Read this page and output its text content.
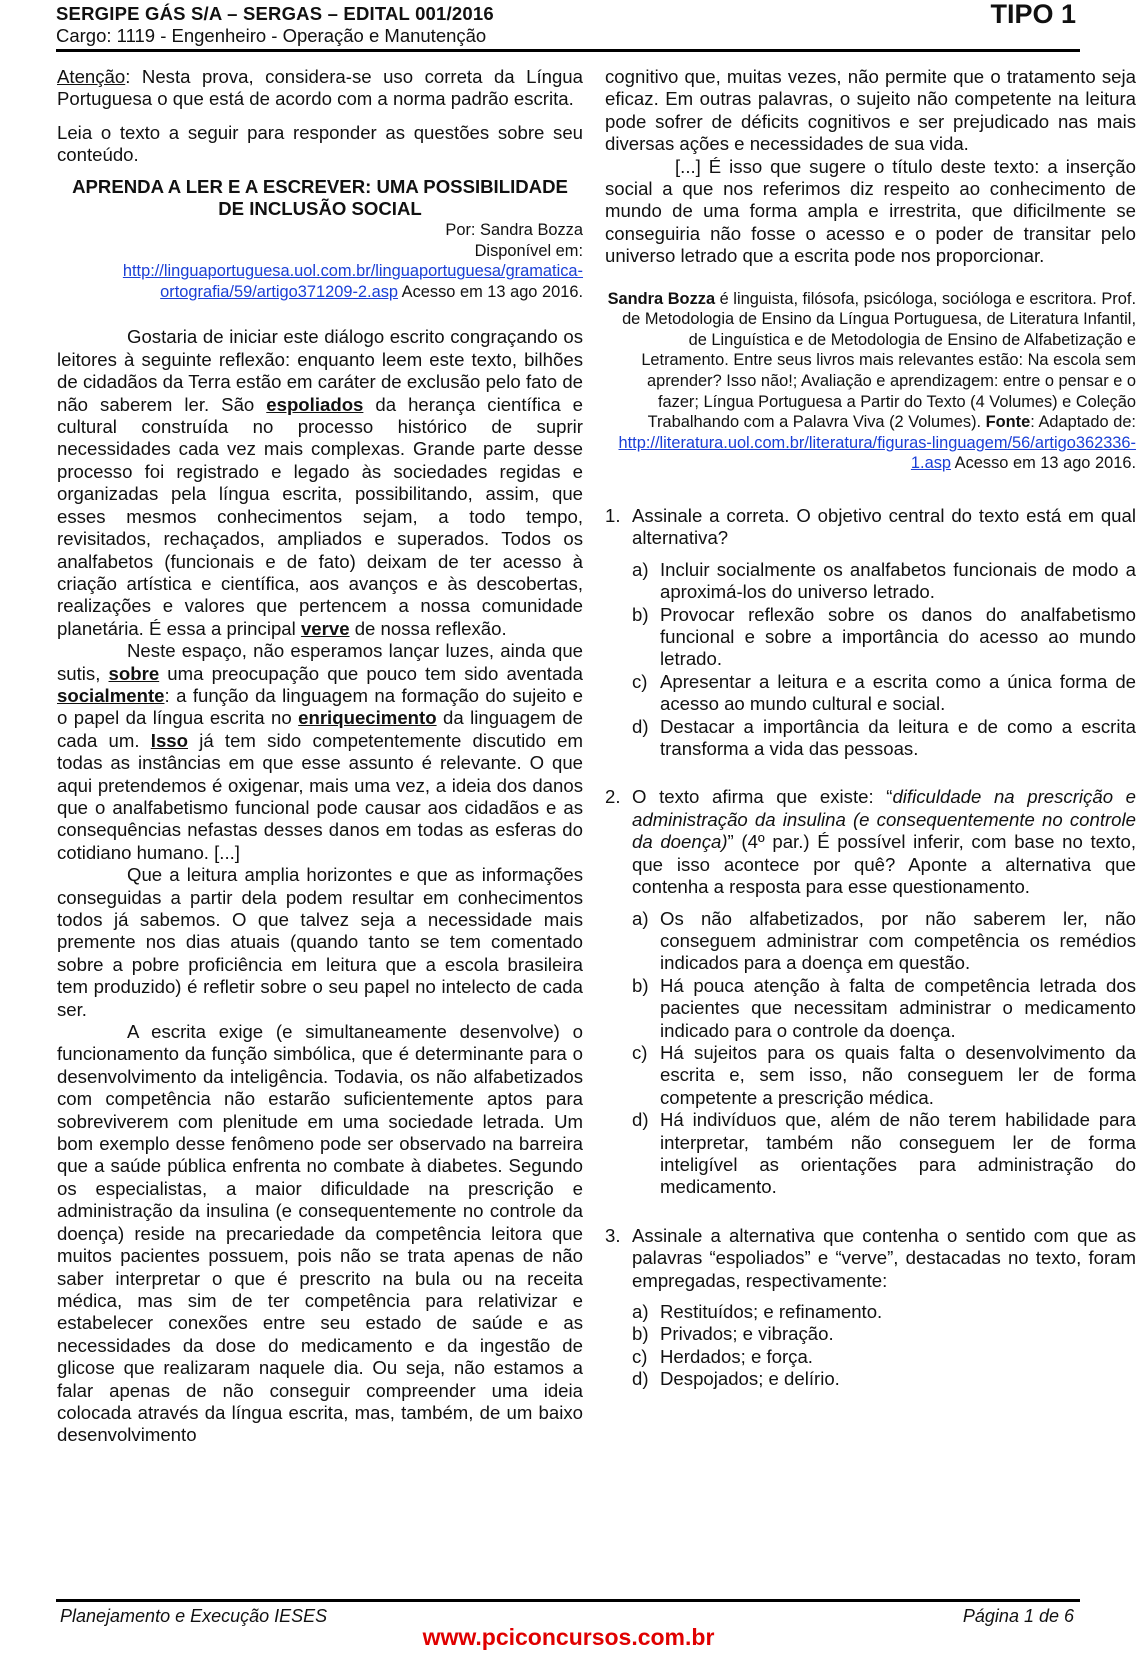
SERGIPE GÁS S/A – SERGAS – EDITAL 001/2016
Cargo: 1119 - Engenheiro - Operação e Manutenção
TIPO 1

Atenção: Nesta prova, considera-se uso correta da Língua Portuguesa o que está de acordo com a norma padrão escrita.

Leia o texto a seguir para responder as questões sobre seu conteúdo.

APRENDA A LER E A ESCREVER: UMA POSSIBILIDADE DE INCLUSÃO SOCIAL

Por: Sandra Bozza

Disponível em:

http://linguaportuguesa.uol.com.br/linguaportuguesa/gramatica-ortografia/59/artigo371209-2.asp Acesso em 13 ago 2016.

Gostaria de iniciar este diálogo escrito congraçando os leitores à seguinte reflexão: enquanto leem este texto, bilhões de cidadãos da Terra estão em caráter de exclusão pelo fato de não saberem ler. São espoliados da herança científica e cultural construída no processo histórico de suprir necessidades cada vez mais complexas. Grande parte desse processo foi registrado e legado às sociedades regidas e organizadas pela língua escrita, possibilitando, assim, que esses mesmos conhecimentos sejam, a todo tempo, revisitados, rechaçados, ampliados e superados. Todos os analfabetos (funcionais e de fato) deixam de ter acesso à criação artística e científica, aos avanços e às descobertas, realizações e valores que pertencem a nossa comunidade planetária. É essa a principal verve de nossa reflexão.

Neste espaço, não esperamos lançar luzes, ainda que sutis, sobre uma preocupação que pouco tem sido aventada socialmente: a função da linguagem na formação do sujeito e o papel da língua escrita no enriquecimento da linguagem de cada um. Isso já tem sido competentemente discutido em todas as instâncias em que esse assunto é relevante. O que aqui pretendemos é oxigenar, mais uma vez, a ideia dos danos que o analfabetismo funcional pode causar aos cidadãos e as consequências nefastas desses danos em todas as esferas do cotidiano humano. [...]

Que a leitura amplia horizontes e que as informações conseguidas a partir dela podem resultar em conhecimentos todos já sabemos. O que talvez seja a necessidade mais premente nos dias atuais (quando tanto se tem comentado sobre a pobre proficiência em leitura que a escola brasileira tem produzido) é refletir sobre o seu papel no intelecto de cada ser.

A escrita exige (e simultaneamente desenvolve) o funcionamento da função simbólica, que é determinante para o desenvolvimento da inteligência. Todavia, os não alfabetizados com competência não estarão suficientemente aptos para sobreviverem com plenitude em uma sociedade letrada. Um bom exemplo desse fenômeno pode ser observado na barreira que a saúde pública enfrenta no combate à diabetes. Segundo os especialistas, a maior dificuldade na prescrição e administração da insulina (e consequentemente no controle da doença) reside na precariedade da competência leitora que muitos pacientes possuem, pois não se trata apenas de não saber interpretar o que é prescrito na bula ou na receita médica, mas sim de ter competência para relativizar e estabelecer conexões entre seu estado de saúde e as necessidades da dose do medicamento e da ingestão de glicose que realizaram naquele dia. Ou seja, não estamos a falar apenas de não conseguir compreender uma ideia colocada através da língua escrita, mas, também, de um baixo desenvolvimento

cognitivo que, muitas vezes, não permite que o tratamento seja eficaz. Em outras palavras, o sujeito não competente na leitura pode sofrer de déficits cognitivos e ser prejudicado nas mais diversas ações e necessidades de sua vida.

[...] É isso que sugere o título deste texto: a inserção social a que nos referimos diz respeito ao conhecimento de mundo de uma forma ampla e irrestrita, que dificilmente se conseguiria não fosse o acesso e o poder de transitar pelo universo letrado que a escrita pode nos proporcionar.

Sandra Bozza é linguista, filósofa, psicóloga, socióloga e escritora. Prof. de Metodologia de Ensino da Língua Portuguesa, de Literatura Infantil, de Linguística e de Metodologia de Ensino de Alfabetização e Letramento. Entre seus livros mais relevantes estão: Na escola sem aprender? Isso não!; Avaliação e aprendizagem: entre o pensar e o fazer; Língua Portuguesa a Partir do Texto (4 Volumes) e Coleção Trabalhando com a Palavra Viva (2 Volumes). Fonte: Adaptado de:
http://literatura.uol.com.br/literatura/figuras-linguagem/56/artigo362336-1.asp Acesso em 13 ago 2016.

1. Assinale a correta. O objetivo central do texto está em qual alternativa?
a) Incluir socialmente os analfabetos funcionais de modo a aproximá-los do universo letrado.
b) Provocar reflexão sobre os danos do analfabetismo funcional e sobre a importância do acesso ao mundo letrado.
c) Apresentar a leitura e a escrita como a única forma de acesso ao mundo cultural e social.
d) Destacar a importância da leitura e de como a escrita transforma a vida das pessoas.
2. O texto afirma que existe: “dificuldade na prescrição e administração da insulina (e consequentemente no controle da doença)” (4º par.) É possível inferir, com base no texto, que isso acontece por quê? Aponte a alternativa que contenha a resposta para esse questionamento.
a) Os não alfabetizados, por não saberem ler, não conseguem administrar com competência os remédios indicados para a doença em questão.
b) Há pouca atenção à falta de competência letrada dos pacientes que necessitam administrar o medicamento indicado para o controle da doença.
c) Há sujeitos para os quais falta o desenvolvimento da escrita e, sem isso, não conseguem ler de forma competente a prescrição médica.
d) Há indivíduos que, além de não terem habilidade para interpretar, também não conseguem ler de forma inteligível as orientações para administração do medicamento.
3. Assinale a alternativa que contenha o sentido com que as palavras “espoliados” e “verve”, destacadas no texto, foram empregadas, respectivamente:
a) Restituídos; e refinamento.
b) Privados; e vibração.
c) Herdados; e força.
d) Despojados; e delírio.
Planejamento e Execução IESES	Página 1 de 6
www.pciconcursos.com.br
